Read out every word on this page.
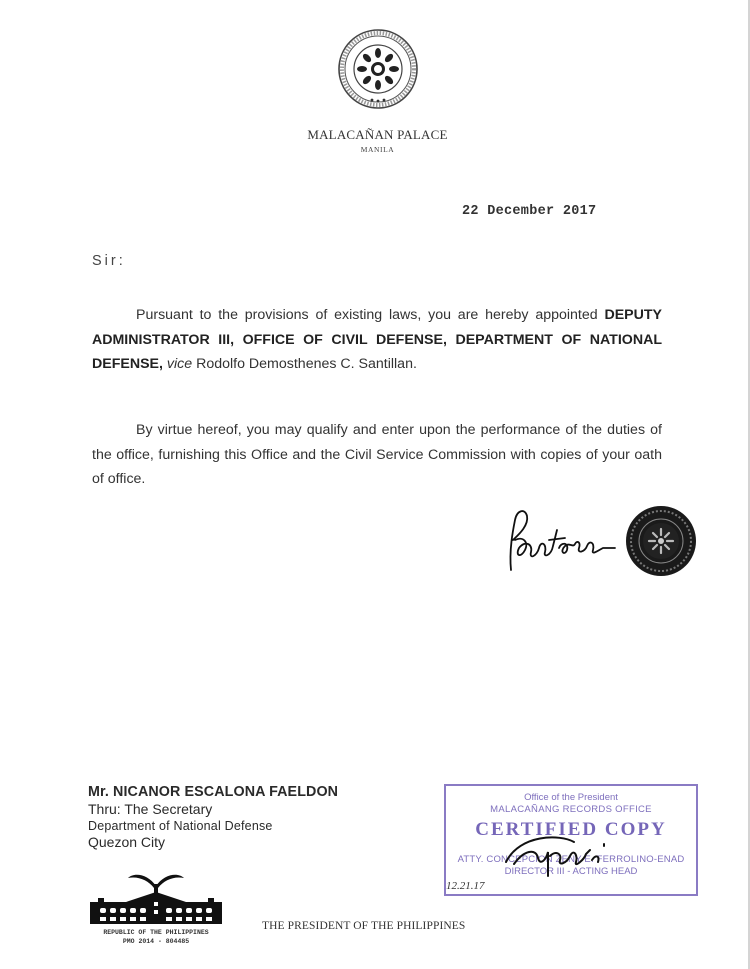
MALACAÑAN PALACE
MANILA
22 December 2017
Sir:
Pursuant to the provisions of existing laws, you are hereby appointed DEPUTY ADMINISTRATOR III, OFFICE OF CIVIL DEFENSE, DEPARTMENT OF NATIONAL DEFENSE, vice Rodolfo Demosthenes C. Santillan.
By virtue hereof, you may qualify and enter upon the performance of the duties of the office, furnishing this Office and the Civil Service Commission with copies of your oath of office.
Mr. NICANOR ESCALONA FAELDON
Thru: The Secretary
Department of National Defense
Quezon City
Office of the President
MALACAÑANG RECORDS OFFICE
CERTIFIED COPY
ATTY. CONCEPCION ZENY E. FERROLINO-ENAD
DIRECTOR III - ACTING HEAD
12.21.17
REPUBLIC OF THE PHILIPPINES
PMO 2014 - 804485
THE PRESIDENT OF THE PHILIPPINES
